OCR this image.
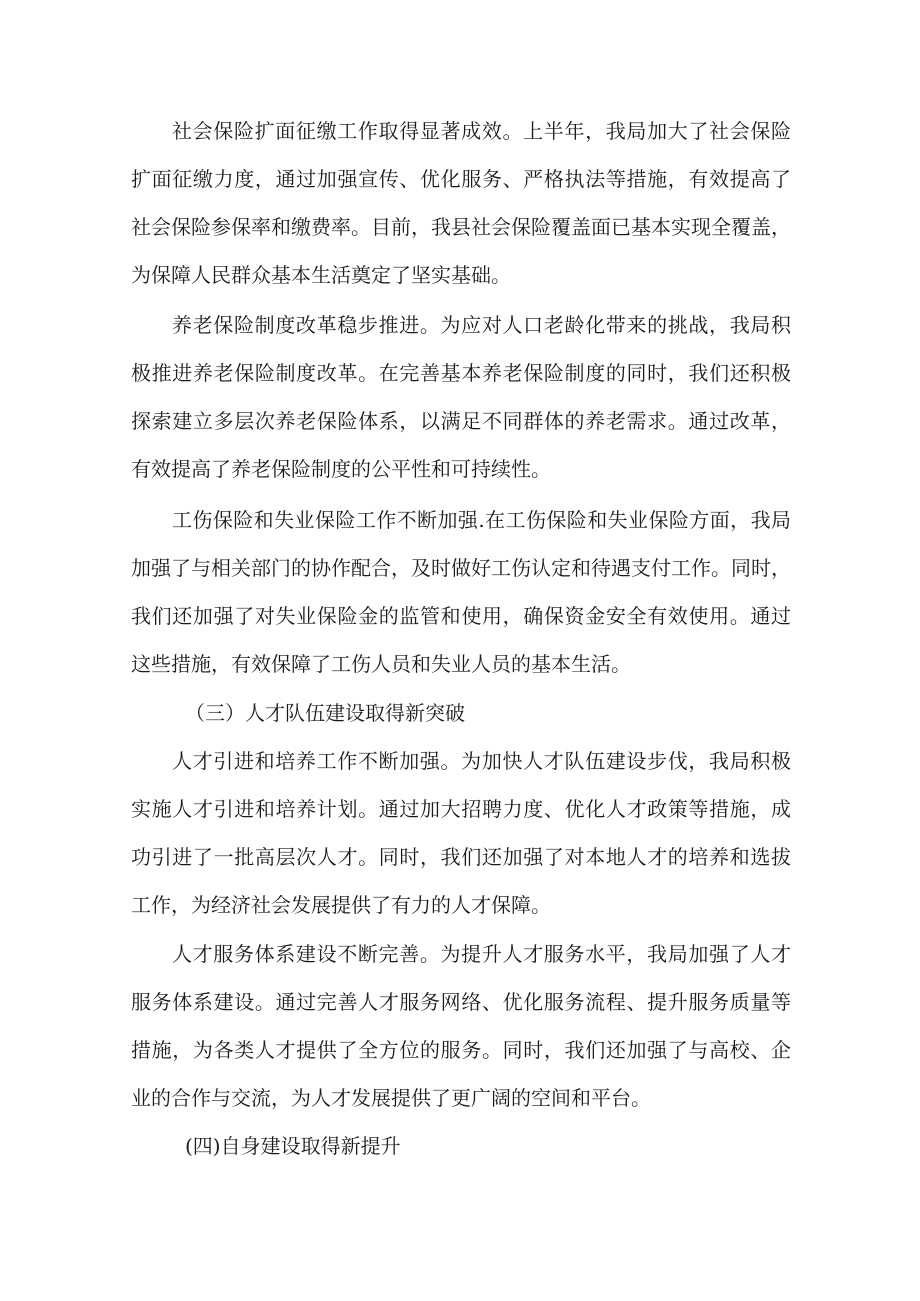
社会保险扩面征缴工作取得显著成效。上半年，我局加大了社会保险
扩面征缴力度，通过加强宣传、优化服务、严格执法等措施，有效提高了
社会保险参保率和缴费率。目前，我县社会保险覆盖面已基本实现全覆盖，
为保障人民群众基本生活奠定了坚实基础。
养老保险制度改革稳步推进。为应对人口老龄化带来的挑战，我局积
极推进养老保险制度改革。在完善基本养老保险制度的同时，我们还积极
探索建立多层次养老保险体系，以满足不同群体的养老需求。通过改革，
有效提高了养老保险制度的公平性和可持续性。
工伤保险和失业保险工作不断加强.在工伤保险和失业保险方面，我局
加强了与相关部门的协作配合，及时做好工伤认定和待遇支付工作。同时，
我们还加强了对失业保险金的监管和使用，确保资金安全有效使用。通过
这些措施，有效保障了工伤人员和失业人员的基本生活。
（三）人才队伍建设取得新突破
人才引进和培养工作不断加强。为加快人才队伍建设步伐，我局积极
实施人才引进和培养计划。通过加大招聘力度、优化人才政策等措施，成
功引进了一批高层次人才。同时，我们还加强了对本地人才的培养和选拔
工作，为经济社会发展提供了有力的人才保障。
人才服务体系建设不断完善。为提升人才服务水平，我局加强了人才
服务体系建设。通过完善人才服务网络、优化服务流程、提升服务质量等
措施，为各类人才提供了全方位的服务。同时，我们还加强了与高校、企
业的合作与交流，为人才发展提供了更广阔的空间和平台。
(四)自身建设取得新提升
